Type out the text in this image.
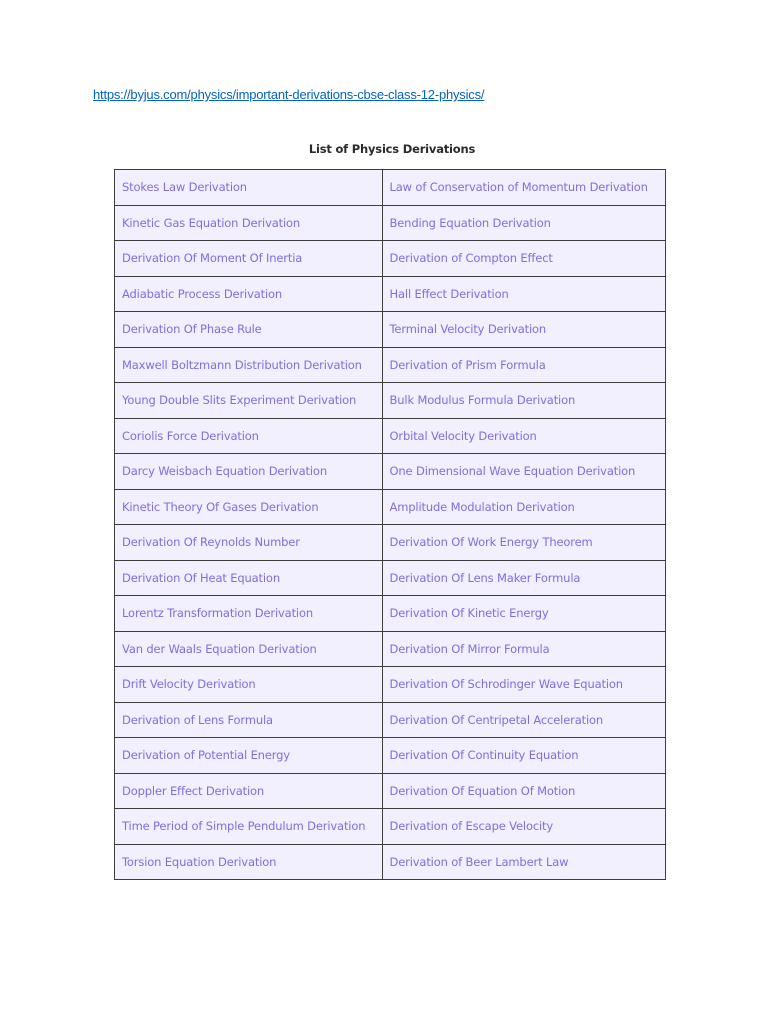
https://byjus.com/physics/important-derivations-cbse-class-12-physics/
List of Physics Derivations
Stokes Law Derivation	Law of Conservation of Momentum Derivation
Kinetic Gas Equation Derivation	Bending Equation Derivation
Derivation Of Moment Of Inertia	Derivation of Compton Effect
Adiabatic Process Derivation	Hall Effect Derivation
Derivation Of Phase Rule	Terminal Velocity Derivation
Maxwell Boltzmann Distribution Derivation	Derivation of Prism Formula
Young Double Slits Experiment Derivation	Bulk Modulus Formula Derivation
Coriolis Force Derivation	Orbital Velocity Derivation
Darcy Weisbach Equation Derivation	One Dimensional Wave Equation Derivation
Kinetic Theory Of Gases Derivation	Amplitude Modulation Derivation
Derivation Of Reynolds Number	Derivation Of Work Energy Theorem
Derivation Of Heat Equation	Derivation Of Lens Maker Formula
Lorentz Transformation Derivation	Derivation Of Kinetic Energy
Van der Waals Equation Derivation	Derivation Of Mirror Formula
Drift Velocity Derivation	Derivation Of Schrodinger Wave Equation
Derivation of Lens Formula	Derivation Of Centripetal Acceleration
Derivation of Potential Energy	Derivation Of Continuity Equation
Doppler Effect Derivation	Derivation Of Equation Of Motion
Time Period of Simple Pendulum Derivation	Derivation of Escape Velocity
Torsion Equation Derivation	Derivation of Beer Lambert Law
